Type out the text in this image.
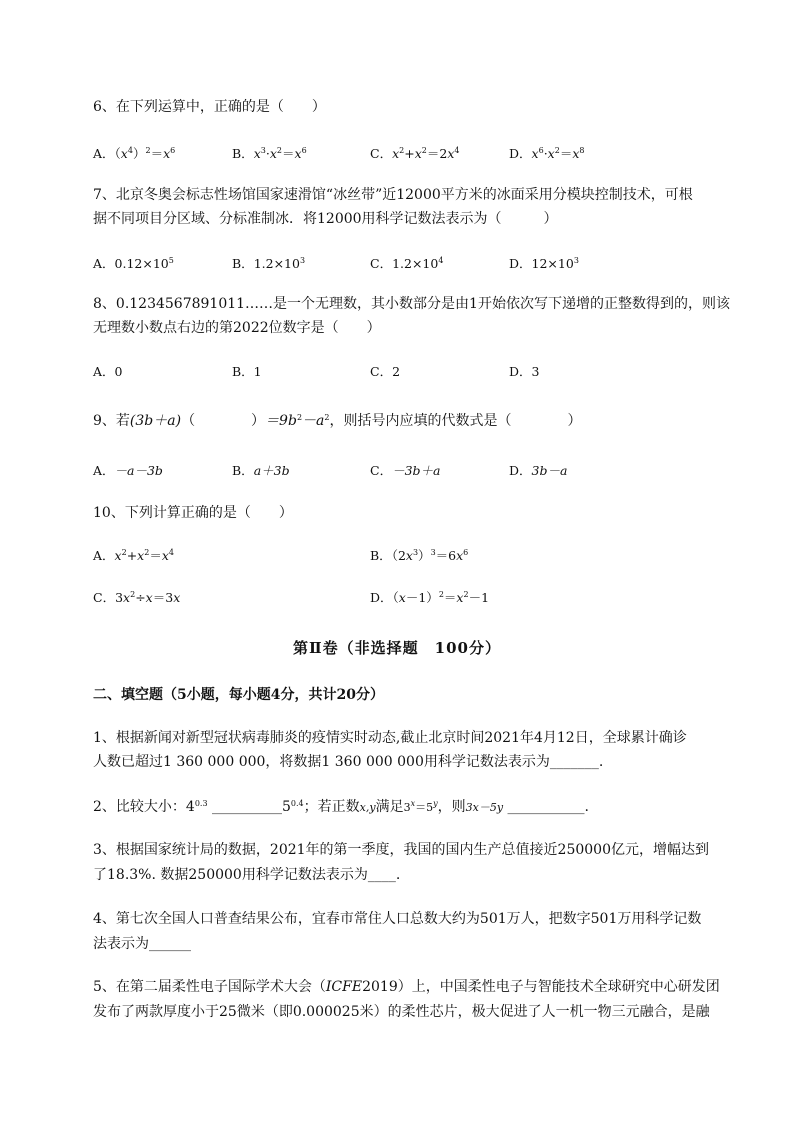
6、在下列运算中，正确的是（　　）
A．$(x^4)^2=x^6$	B．$x^3\cdot x^2=x^6$	C．$x^2+x^2=2x^4$	D．$x^6\cdot x^2=x^8$
7、北京冬奥会标志性场馆国家速滑馆“冰丝带”近12000平方米的冰面采用分模块控制技术，可根
据不同项目分区域、分标准制冰．将12000用科学记数法表示为（　　　）
A．$0.12\times 10^5$	B．$1.2\times 10^3$	C．$1.2\times 10^4$	D．$12\times 10^3$
8、0.1234567891011……是一个无理数，其小数部分是由1开始依次写下递增的正整数得到的，则该
无理数小数点右边的第2022位数字是（　　）
A．0	B．1	C．2	D．3
9、若(3b＋a)（　　　　）$=9b^2-a^2$，则括号内应填的代数式是（　　　　）
A．－a－3b	B．a＋3b	C．－3b＋a	D．3b－a
10、下列计算正确的是（　　）
A．$x^2+x^2=x^4$	B．$(2x^3)^3=6x^6$
C．$3x^2\div x=3x$	D．$(x-1)^2=x^2-1$
第Ⅱ卷（非选择题　100分）
二、填空题（5小题，每小题4分，共计20分）
1、根据新闻对新型冠状病毒肺炎的疫情实时动态,截止北京时间2021年4月12日，全球累计确诊
人数已超过1 360 000 000，将数据1 360 000 000用科学记数法表示为_______.
2、比较大小：$4^{0.3}$ $\_\_\_\_\_\_\_\_\_\_5^{0.4}$；若正数x,y满足$3^x=5^y$，则3x－5y ___________.
3、根据国家统计局的数据，2021年的第一季度，我国的国内生产总值接近250000亿元，增幅达到
了18.3%. 数据250000用科学记数法表示为____.
4、第七次全国人口普查结果公布，宜春市常住人口总数大约为501万人，把数字501万用科学记数
法表示为______
5、在第二届柔性电子国际学术大会（ICFE2019）上，中国柔性电子与智能技术全球研究中心研发团
发布了两款厚度小于25微米（即0.000025米）的柔性芯片，极大促进了人一机一物三元融合，是融
